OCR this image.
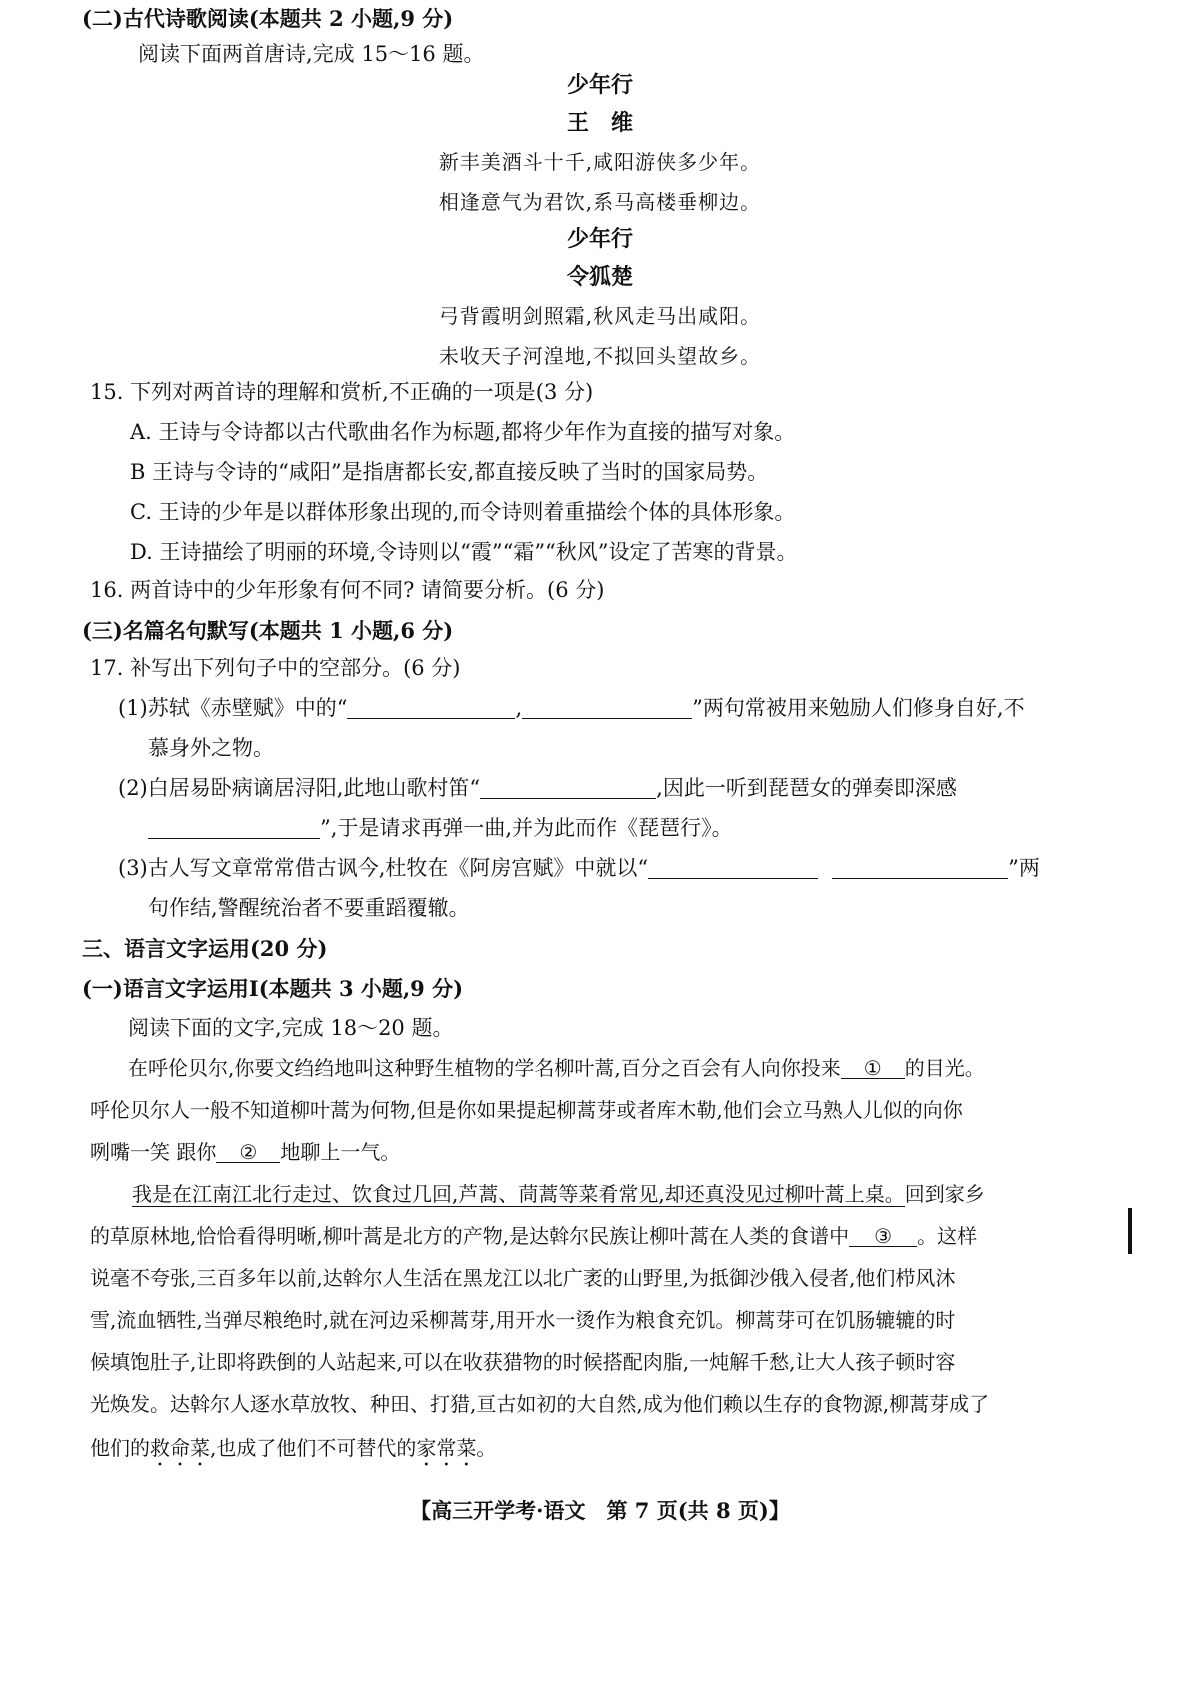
(二)古代诗歌阅读(本题共 2 小题,9 分)
阅读下面两首唐诗,完成 15～16 题。
少年行
王　维
新丰美酒斗十千,咸阳游侠多少年。
相逢意气为君饮,系马高楼垂柳边。
少年行
令狐楚
弓背霞明剑照霜,秋风走马出咸阳。
未收天子河湟地,不拟回头望故乡。
15. 下列对两首诗的理解和赏析,不正确的一项是(3 分)
A. 王诗与令诗都以古代歌曲名作为标题,都将少年作为直接的描写对象。
B 王诗与令诗的“咸阳”是指唐都长安,都直接反映了当时的国家局势。
C. 王诗的少年是以群体形象出现的,而令诗则着重描绘个体的具体形象。
D. 王诗描绘了明丽的环境,令诗则以“霞”“霜”“秋风”设定了苦寒的背景。
16. 两首诗中的少年形象有何不同? 请简要分析。(6 分)
(三)名篇名句默写(本题共 1 小题,6 分)
17. 补写出下列句子中的空部分。(6 分)
(1)苏轼《赤壁赋》中的“	,	”两句常被用来勉励人们修身自好,不
慕身外之物。
(2)白居易卧病谪居浔阳,此地山歌村笛“	,因此一听到琵琶女的弹奏即深感
”,于是请求再弹一曲,并为此而作《琵琶行》。
(3)古人写文章常常借古讽今,杜牧在《阿房宫赋》中就以“	”两
句作结,警醒统治者不要重蹈覆辙。
三、语言文字运用(20 分)
(一)语言文字运用Ⅰ(本题共 3 小题,9 分)
阅读下面的文字,完成 18～20 题。
在呼伦贝尔,你要文绉绉地叫这种野生植物的学名柳叶蒿,百分之百会有人向你投来 ① 的目光。
呼伦贝尔人一般不知道柳叶蒿为何物,但是你如果提起柳蒿芽或者库木勒,他们会立马熟人儿似的向你
咧嘴一笑 跟你 ② 地聊上一气。
我是在江南江北行走过、饮食过几回,芦蒿、茼蒿等菜肴常见,却还真没见过柳叶蒿上桌。回到家乡
的草原林地,恰恰看得明晰,柳叶蒿是北方的产物,是达斡尔民族让柳叶蒿在人类的食谱中 ③ 。这样
说毫不夸张,三百多年以前,达斡尔人生活在黑龙江以北广袤的山野里,为抵御沙俄入侵者,他们栉风沐
雪,流血牺牲,当弹尽粮绝时,就在河边采柳蒿芽,用开水一烫作为粮食充饥。柳蒿芽可在饥肠辘辘的时
候填饱肚子,让即将跌倒的人站起来,可以在收获猎物的时候搭配肉脂,一炖解千愁,让大人孩子顿时容
光焕发。达斡尔人逐水草放牧、种田、打猎,亘古如初的大自然,成为他们赖以生存的食物源,柳蒿芽成了
他们的救命菜,也成了他们不可替代的家常菜。
【高三开学考·语文　第 7 页(共 8 页)】
